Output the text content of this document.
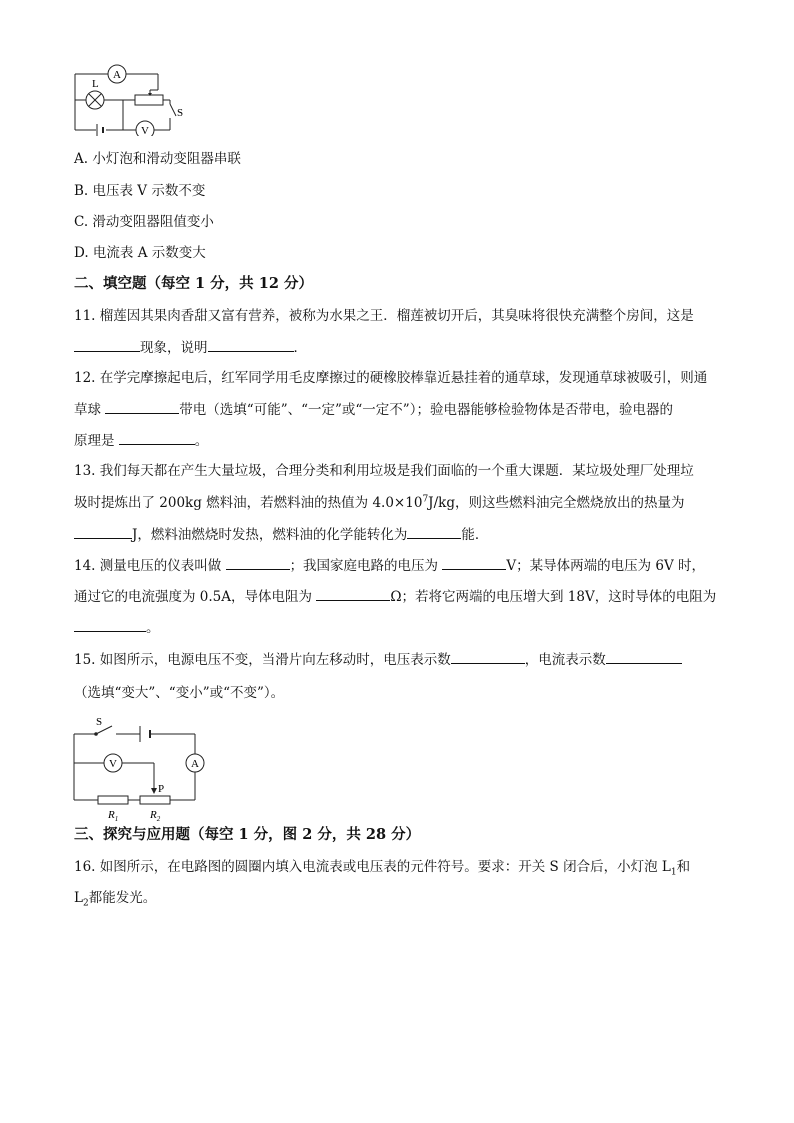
A
L
V
S
A. 小灯泡和滑动变阻器串联
B. 电压表 V 示数不变
C. 滑动变阻器阻值变小
D. 电流表 A 示数变大
二、填空题（每空 1 分，共 12 分）
11. 榴莲因其果肉香甜又富有营养，被称为水果之王．榴莲被切开后，其臭味将很快充满整个房间，这是
现象，说明	．
12. 在学完摩擦起电后，红军同学用毛皮摩擦过的硬橡胶棒靠近悬挂着的通草球，发现通草球被吸引，则通
草球	带电（选填“可能”、“一定”或“一定不”）；验电器能够检验物体是否带电，验电器的
原理是	。
13. 我们每天都在产生大量垃圾，合理分类和利用垃圾是我们面临的一个重大课题．某垃圾处理厂处理垃
圾时提炼出了 200kg 燃料油，若燃料油的热值为 $4.0\times 10^7J/kg$，则这些燃料油完全燃烧放出的热量为
J，燃料油燃烧时发热，燃料油的化学能转化为	能．
14. 测量电压的仪表叫做	；我国家庭电路的电压为	V；某导体两端的电压为 6V 时，
通过它的电流强度为 0.5A，导体电阻为	Ω；若将它两端的电压增大到 18V，这时导体的电阻为
。
15. 如图所示，电源电压不变，当滑片向左移动时，电压表示数	，电流表示数
（选填“变大”、“变小”或“不变”）。
S
V	A
P
$R_1$	$R_2$
三、探究与应用题（每空 1 分，图 2 分，共 28 分）
16. 如图所示，在电路图的圆圈内填入电流表或电压表的元件符号。要求：开关 S 闭合后，小灯泡 $L_1$和
$L_2$都能发光。
